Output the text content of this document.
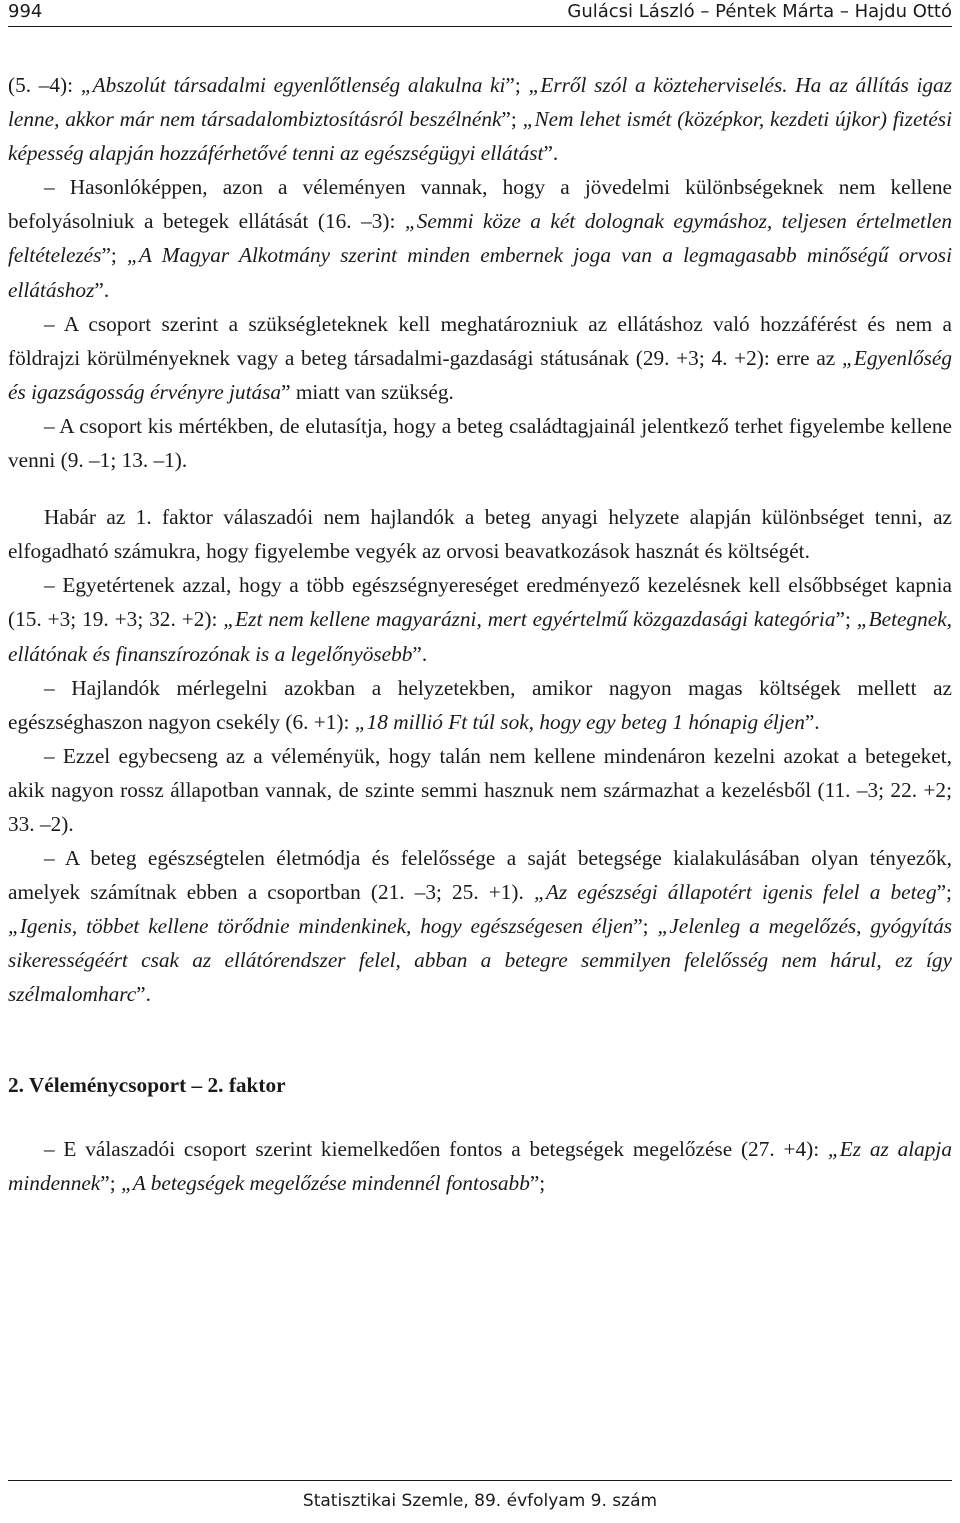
994	Gulácsi László – Péntek Márta – Hajdu Ottó

(5. –4): „Abszolút társadalmi egyenlőtlenség alakulna ki”; „Erről szól a közteherviselés. Ha az állítás igaz lenne, akkor már nem társadalombiztosításról beszélnénk”; „Nem lehet ismét (középkor, kezdeti újkor) fizetési képesség alapján hozzáférhetővé tenni az egészségügyi ellátást”.

– Hasonlóképpen, azon a véleményen vannak, hogy a jövedelmi különbségeknek nem kellene befolyásolniuk a betegek ellátását (16. –3): „Semmi köze a két dolognak egymáshoz, teljesen értelmetlen feltételezés”; „A Magyar Alkotmány szerint minden embernek joga van a legmagasabb minőségű orvosi ellátáshoz”.

– A csoport szerint a szükségleteknek kell meghatározniuk az ellátáshoz való hozzáférést és nem a földrajzi körülményeknek vagy a beteg társadalmi-gazdasági státusának (29. +3; 4. +2): erre az „Egyenlőség és igazságosság érvényre jutása” miatt van szükség.

– A csoport kis mértékben, de elutasítja, hogy a beteg családtagjainál jelentkező terhet figyelembe kellene venni (9. –1; 13. –1).

Habár az 1. faktor válaszadói nem hajlandók a beteg anyagi helyzete alapján különbséget tenni, az elfogadható számukra, hogy figyelembe vegyék az orvosi beavatkozások hasznát és költségét.

– Egyetértenek azzal, hogy a több egészségnyereséget eredményező kezelésnek kell elsőbbséget kapnia (15. +3; 19. +3; 32. +2): „Ezt nem kellene magyarázni, mert egyértelmű közgazdasági kategória”; „Betegnek, ellátónak és finanszírozónak is a legelőnyösebb”.

– Hajlandók mérlegelni azokban a helyzetekben, amikor nagyon magas költségek mellett az egészséghaszon nagyon csekély (6. +1): „18 millió Ft túl sok, hogy egy beteg 1 hónapig éljen”.

– Ezzel egybecseng az a véleményük, hogy talán nem kellene mindenáron kezelni azokat a betegeket, akik nagyon rossz állapotban vannak, de szinte semmi hasznuk nem származhat a kezelésből (11. –3; 22. +2; 33. –2).

– A beteg egészségtelen életmódja és felelőssége a saját betegsége kialakulásában olyan tényezők, amelyek számítnak ebben a csoportban (21. –3; 25. +1). „Az egészségi állapotért igenis felel a beteg”; „Igenis, többet kellene törődnie mindenkinek, hogy egészségesen éljen”; „Jelenleg a megelőzés, gyógyítás sikerességéért csak az ellátórendszer felel, abban a betegre semmilyen felelősség nem hárul, ez így szélmalomharc”.

2. Véleménycsoport – 2. faktor

– E válaszadói csoport szerint kiemelkedően fontos a betegségek megelőzése (27. +4): „Ez az alapja mindennek”; „A betegségek megelőzése mindennél fontosabb”;

Statisztikai Szemle, 89. évfolyam 9. szám
